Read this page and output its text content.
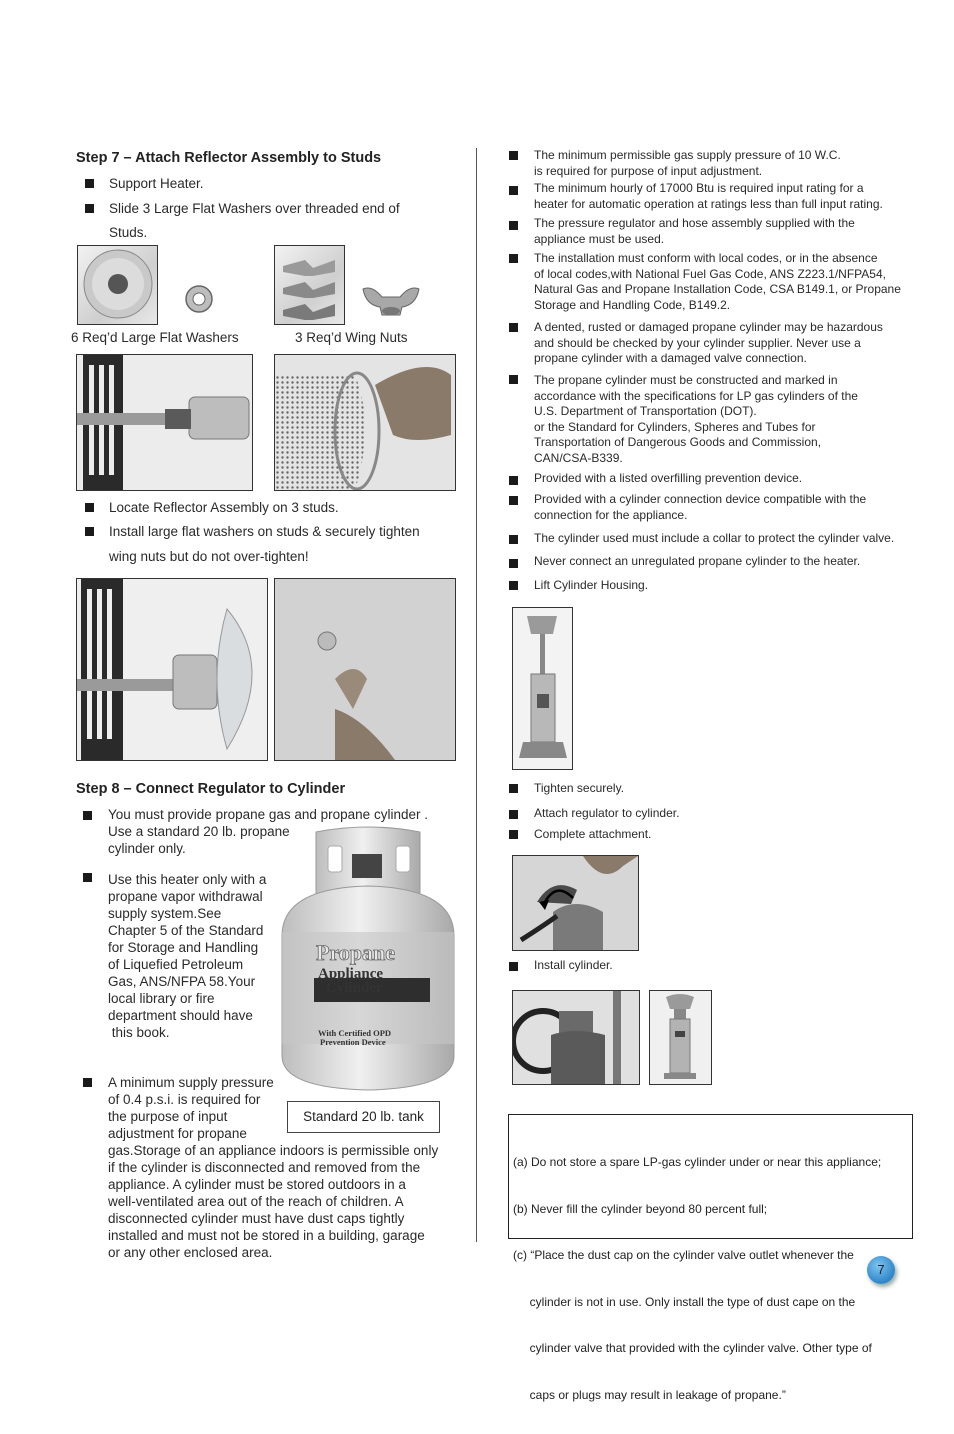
Step 7 – Attach Reflector Assembly to Studs
Support Heater.
Slide 3 Large Flat Washers over threaded end of
Studs.
6 Req’d Large Flat Washers	3 Req’d Wing Nuts
Locate Reflector Assembly on 3 studs.
Install large flat washers on studs & securely tighten
wing nuts but do not over-tighten!
Step 8 – Connect Regulator to Cylinder
You must provide propane gas and propane cylinder .
Use a standard 20 lb. propane
cylinder only.
Use this heater only with a
propane vapor withdrawal
supply system.See
Chapter 5 of the Standard
for Storage and Handling
of Liquefied Petroleum
Gas, ANS/NFPA 58.Your
local library or fire
department should have
this book.
Propane
Appliance
Cylinder
With Certified OPD
Prevention Device
A minimum supply pressure
of 0.4 p.s.i. is required for
the purpose of input
adjustment for propane
gas.Storage of an appliance indoors is permissible only
if the cylinder is disconnected and removed from the
appliance. A cylinder must be stored outdoors in a
well-ventilated area out of the reach of children. A
disconnected cylinder must have dust caps tightly
installed and must not be stored in a building, garage
or any other enclosed area.
Standard 20 lb. tank
The minimum permissible gas supply pressure of 10 W.C.
is required for purpose of input adjustment.
The minimum hourly of 17000 Btu is required input rating for a
heater for automatic operation at ratings less than full input rating.
The pressure regulator and hose assembly supplied with the
appliance must be used.
The installation must conform with local codes, or in the absence
of local codes,with National Fuel Gas Code, ANS Z223.1/NFPA54,
Natural Gas and Propane Installation Code, CSA B149.1, or Propane
Storage and Handling Code, B149.2.
A dented, rusted or damaged propane cylinder may be hazardous
and should be checked by your cylinder supplier. Never use a
propane cylinder with a damaged valve connection.
The propane cylinder must be constructed and marked in
accordance with the specifications for LP gas cylinders of the
U.S. Department of Transportation (DOT).
or the Standard for Cylinders, Spheres and Tubes for
Transportation of Dangerous Goods and Commission,
CAN/CSA-B339.
Provided with a listed overfilling prevention device.
Provided with a cylinder connection device compatible with the
connection for the appliance.
The cylinder used must include a collar to protect the cylinder valve.
Never connect an unregulated propane cylinder to the heater.
Lift Cylinder Housing.
Tighten securely.
Attach regulator to cylinder.
Complete attachment.
Install cylinder.

(a) Do not store a spare LP-gas cylinder under or near this appliance;

(b) Never fill the cylinder beyond 80 percent full;

(c) “Place the dust cap on the cylinder valve outlet whenever the

cylinder is not in use. Only install the type of dust cape on the

cylinder valve that provided with the cylinder valve. Other type of

caps or plugs may result in leakage of propane.”

7
